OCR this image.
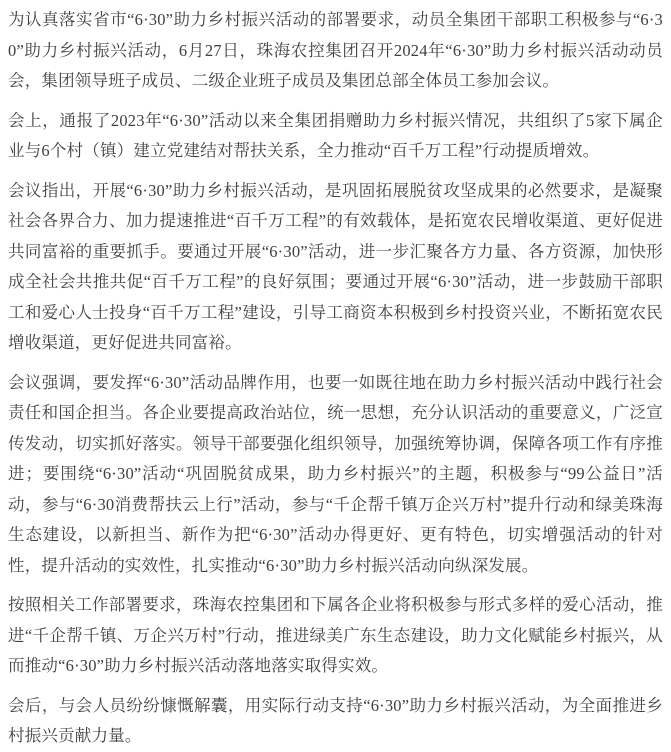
为认真落实省市“6·30”助力乡村振兴活动的部署要求，动员全集团干部职工积极参与“6·30”助力乡村振兴活动，6月27日，珠海农控集团召开2024年“6·30”助力乡村振兴活动动员会，集团领导班子成员、二级企业班子成员及集团总部全体员工参加会议。

会上，通报了2023年“6·30”活动以来全集团捐赠助力乡村振兴情况，共组织了5家下属企业与6个村（镇）建立党建结对帮扶关系，全力推动“百千万工程”行动提质增效。

会议指出，开展“6·30”助力乡村振兴活动，是巩固拓展脱贫攻坚成果的必然要求，是凝聚社会各界合力、加力提速推进“百千万工程”的有效载体，是拓宽农民增收渠道、更好促进共同富裕的重要抓手。要通过开展“6·30”活动，进一步汇聚各方力量、各方资源，加快形成全社会共推共促“百千万工程”的良好氛围；要通过开展“6·30”活动，进一步鼓励干部职工和爱心人士投身“百千万工程”建设，引导工商资本积极到乡村投资兴业，不断拓宽农民增收渠道，更好促进共同富裕。

会议强调，要发挥“6·30”活动品牌作用，也要一如既往地在助力乡村振兴活动中践行社会责任和国企担当。各企业要提高政治站位，统一思想，充分认识活动的重要意义，广泛宣传发动，切实抓好落实。领导干部要强化组织领导，加强统筹协调，保障各项工作有序推进；要围绕“6·30”活动“巩固脱贫成果，助力乡村振兴”的主题，积极参与“99公益日”活动，参与“6·30消费帮扶云上行”活动，参与“千企帮千镇万企兴万村”提升行动和绿美珠海生态建设，以新担当、新作为把“6·30”活动办得更好、更有特色，切实增强活动的针对性，提升活动的实效性，扎实推动“6·30”助力乡村振兴活动向纵深发展。

按照相关工作部署要求，珠海农控集团和下属各企业将积极参与形式多样的爱心活动，推进“千企帮千镇、万企兴万村”行动，推进绿美广东生态建设，助力文化赋能乡村振兴，从而推动“6·30”助力乡村振兴活动落地落实取得实效。

会后，与会人员纷纷慷慨解囊，用实际行动支持“6·30”助力乡村振兴活动，为全面推进乡村振兴贡献力量。
